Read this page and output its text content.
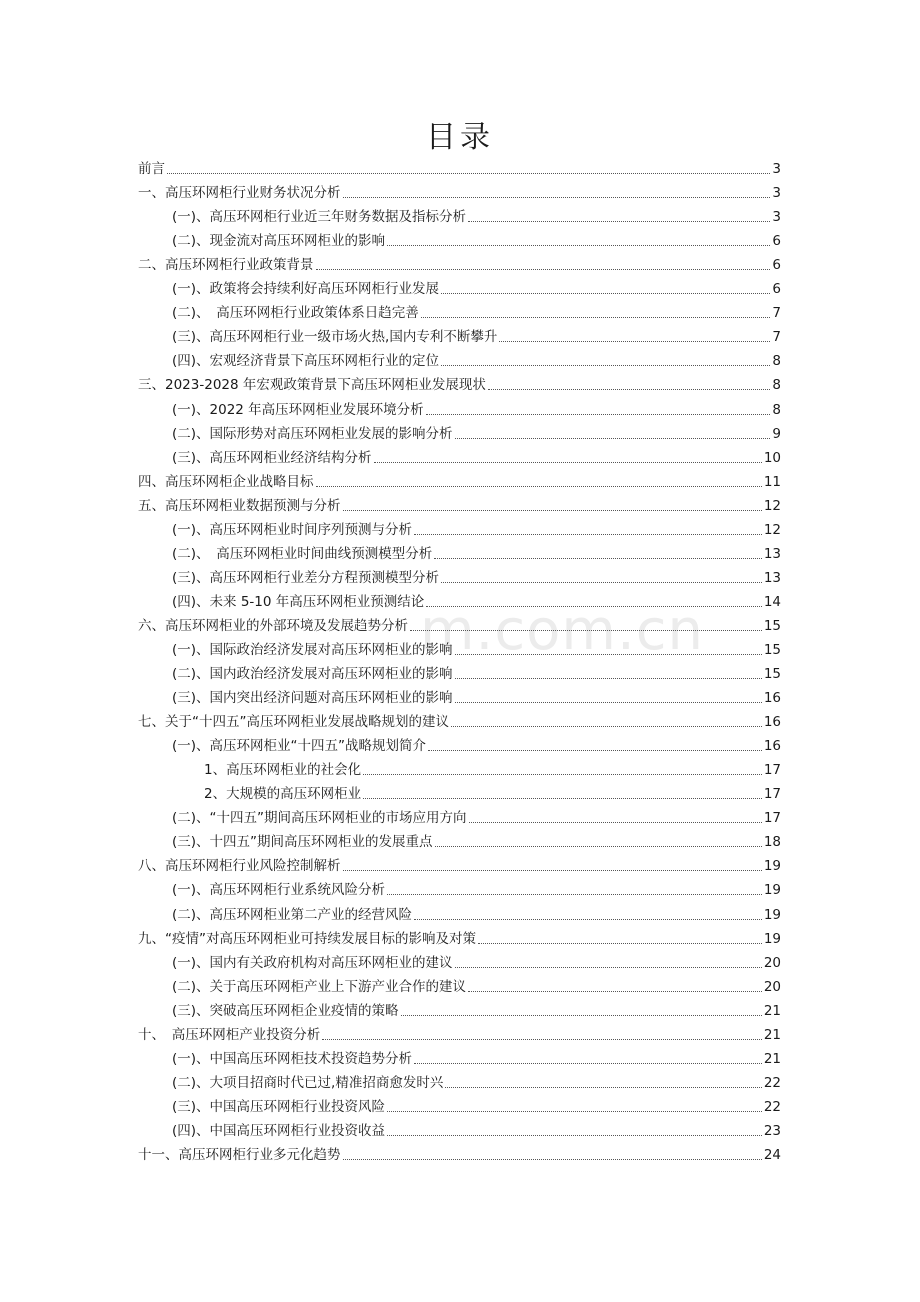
m.com.cn
目录
前言	3
一、高压环网柜行业财务状况分析	3
(一)、高压环网柜行业近三年财务数据及指标分析	3
(二)、现金流对高压环网柜业的影响	6
二、高压环网柜行业政策背景	6
(一)、政策将会持续利好高压环网柜行业发展	6
(二)、　高压环网柜行业政策体系日趋完善	7
(三)、高压环网柜行业一级市场火热,国内专利不断攀升	7
(四)、宏观经济背景下高压环网柜行业的定位	8
三、2023-2028 年宏观政策背景下高压环网柜业发展现状	8
(一)、2022 年高压环网柜业发展环境分析	8
(二)、国际形势对高压环网柜业发展的影响分析	9
(三)、高压环网柜业经济结构分析	10
四、高压环网柜企业战略目标	11
五、高压环网柜业数据预测与分析	12
(一)、高压环网柜业时间序列预测与分析	12
(二)、　高压环网柜业时间曲线预测模型分析	13
(三)、高压环网柜行业差分方程预测模型分析	13
(四)、未来 5-10 年高压环网柜业预测结论	14
六、高压环网柜业的外部环境及发展趋势分析	15
(一)、国际政治经济发展对高压环网柜业的影响	15
(二)、国内政治经济发展对高压环网柜业的影响	15
(三)、国内突出经济问题对高压环网柜业的影响	16
七、关于“十四五”高压环网柜业发展战略规划的建议	16
(一)、高压环网柜业“十四五”战略规划简介	16
1、高压环网柜业的社会化	17
2、大规模的高压环网柜业	17
(二)、“十四五”期间高压环网柜业的市场应用方向	17
(三)、十四五”期间高压环网柜业的发展重点	18
八、高压环网柜行业风险控制解析	19
(一)、高压环网柜行业系统风险分析	19
(二)、高压环网柜业第二产业的经营风险	19
九、“疫情”对高压环网柜业可持续发展目标的影响及对策	19
(一)、国内有关政府机构对高压环网柜业的建议	20
(二)、关于高压环网柜产业上下游产业合作的建议	20
(三)、突破高压环网柜企业疫情的策略	21
十、　高压环网柜产业投资分析	21
(一)、中国高压环网柜技术投资趋势分析	21
(二)、大项目招商时代已过,精准招商愈发时兴	22
(三)、中国高压环网柜行业投资风险	22
(四)、中国高压环网柜行业投资收益	23
十一、高压环网柜行业多元化趋势	24
